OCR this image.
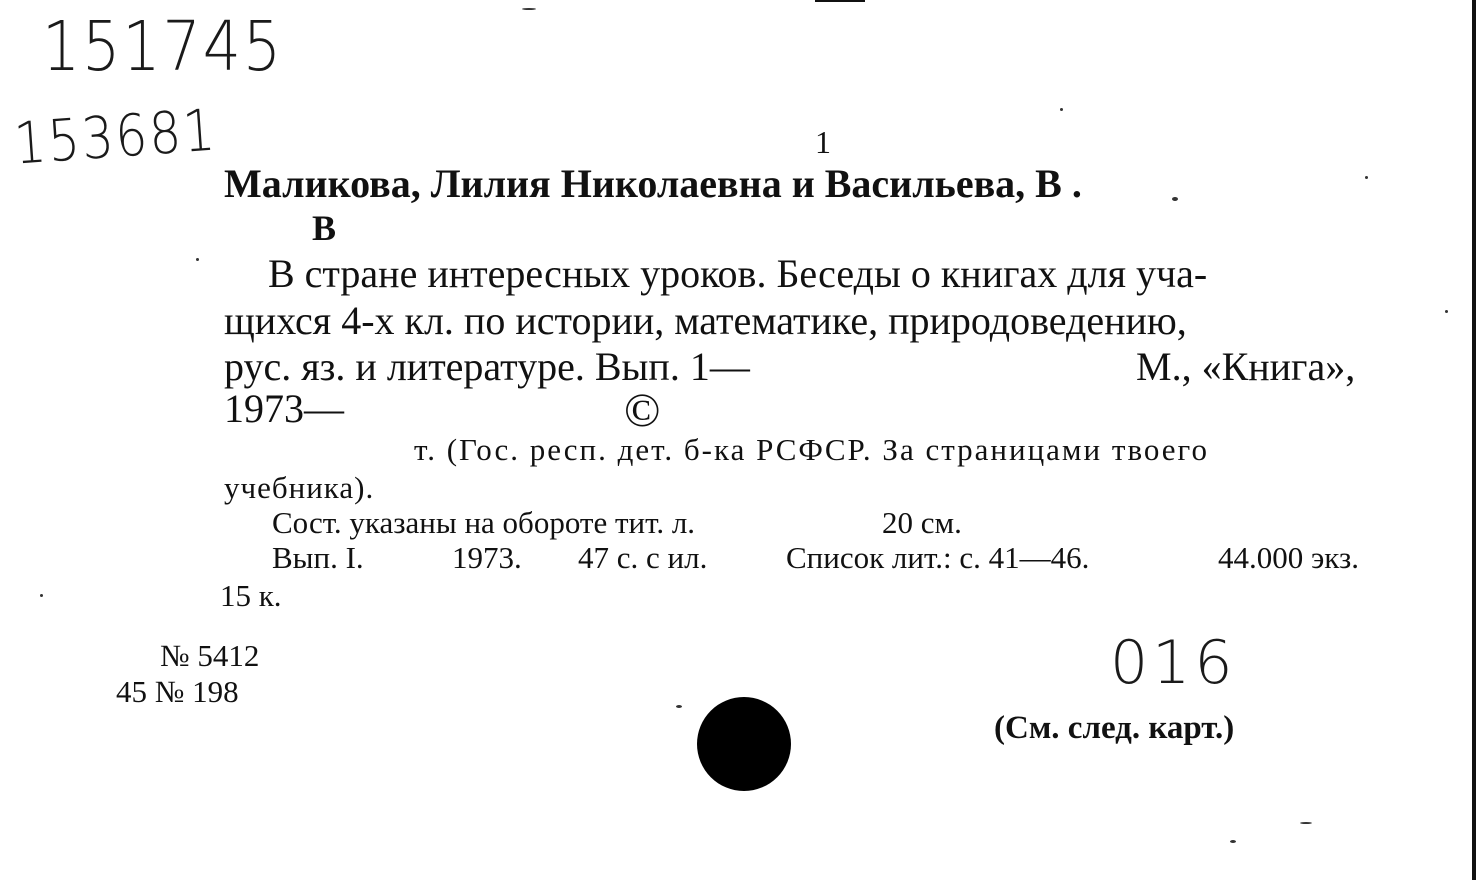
151745
153681	1
Маликова, Лилия Николаевна и Васильева, В .
В
В стране интересных уроков. Беседы о книгах для уча-
щихся 4-х кл. по истории, математике, природоведению,
рус. яз. и литературе. Вып. 1—	М., «Книга»,
1973—	©
т. (Гос. респ. дет. б-ка РСФСР. За страницами твоего
учебника).
Сост. указаны на обороте тит. л.	20 см.
Вып. I.	1973. 47 с. с ил.	Список лит.: с. 41—46.	44.000 экз.
15 к.
№ 5412
45 № 198	016
(См. след. карт.)
